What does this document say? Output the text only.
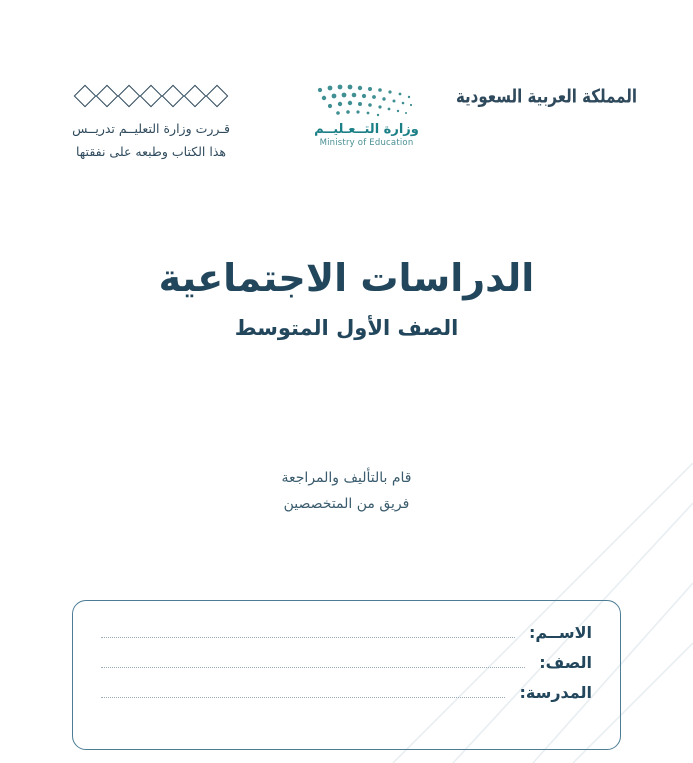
المملكة العربية السعودية
وزارة التــعـليــم
Ministry of Education
قـررت وزارة التعليــم تدريــس
هذا الكتاب وطبعه على نفقتها
الدراسات الاجتماعية
الصف الأول المتوسط
قام بالتأليف والمراجعة
فريق من المتخصصين
الاســم:
الصف:
المدرسة:
